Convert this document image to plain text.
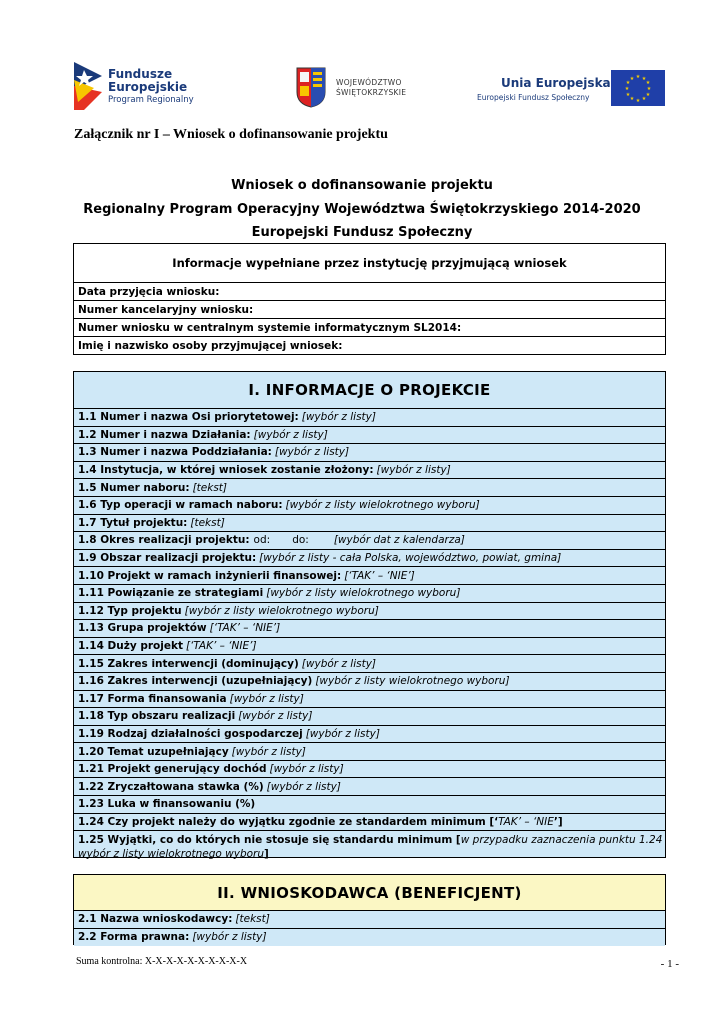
Fundusze
Europejskie
Program Regionalny
WOJEWÓDZTWO
ŚWIĘTOKRZYSKIE
Unia Europejska
Europejski Fundusz Społeczny
★ ★
★
★
★
★
★
★
★
★
★
★
Załącznik nr I – Wniosek o dofinansowanie projektu
Wniosek o dofinansowanie projektu
Regionalny Program Operacyjny Województwa Świętokrzyskiego 2014-2020
Europejski Fundusz Społeczny
Informacje wypełniane przez instytucję przyjmującą wniosek
Data przyjęcia wniosku:
Numer kancelaryjny wniosku:
Numer wniosku w centralnym systemie informatycznym SL2014:
Imię i nazwisko osoby przyjmującej wniosek:
I. INFORMACJE O PROJEKCIE
1.1 Numer i nazwa Osi priorytetowej: [wybór z listy]
1.2 Numer i nazwa Działania: [wybór z listy]
1.3 Numer i nazwa Poddziałania: [wybór z listy]
1.4 Instytucja, w której wniosek zostanie złożony: [wybór z listy]
1.5 Numer naboru: [tekst]
1.6 Typ operacji w ramach naboru: [wybór z listy wielokrotnego wyboru]
1.7 Tytuł projektu: [tekst]
1.8 Okres realizacji projektu: od: do: [wybór dat z kalendarza]
1.9 Obszar realizacji projektu: [wybór z listy - cała Polska, województwo, powiat, gmina]
1.10 Projekt w ramach inżynierii finansowej: [‘TAK’ – ‘NIE’]
1.11 Powiązanie ze strategiami [wybór z listy wielokrotnego wyboru]
1.12 Typ projektu [wybór z listy wielokrotnego wyboru]
1.13 Grupa projektów [‘TAK’ – ‘NIE’]
1.14 Duży projekt [‘TAK’ – ‘NIE’]
1.15 Zakres interwencji (dominujący) [wybór z listy]
1.16 Zakres interwencji (uzupełniający) [wybór z listy wielokrotnego wyboru]
1.17 Forma finansowania [wybór z listy]
1.18 Typ obszaru realizacji [wybór z listy]
1.19 Rodzaj działalności gospodarczej [wybór z listy]
1.20 Temat uzupełniający [wybór z listy]
1.21 Projekt generujący dochód [wybór z listy]
1.22 Zryczałtowana stawka (%) [wybór z listy]
1.23 Luka w finansowaniu (%)
1.24 Czy projekt należy do wyjątku zgodnie ze standardem minimum [‘ TAK’ – ‘NIE ’]
1.25 Wyjątki, co do których nie stosuje się standardu minimum [w przypadku zaznaczenia punktu 1.24 wybór z listy wielokrotnego wyboru]
II. WNIOSKODAWCA (BENEFICJENT)
2.1 Nazwa wnioskodawcy: [tekst]
2.2 Forma prawna: [wybór z listy]
Suma kontrolna: X-X-X-X-X-X-X-X-X-X	- 1 -
